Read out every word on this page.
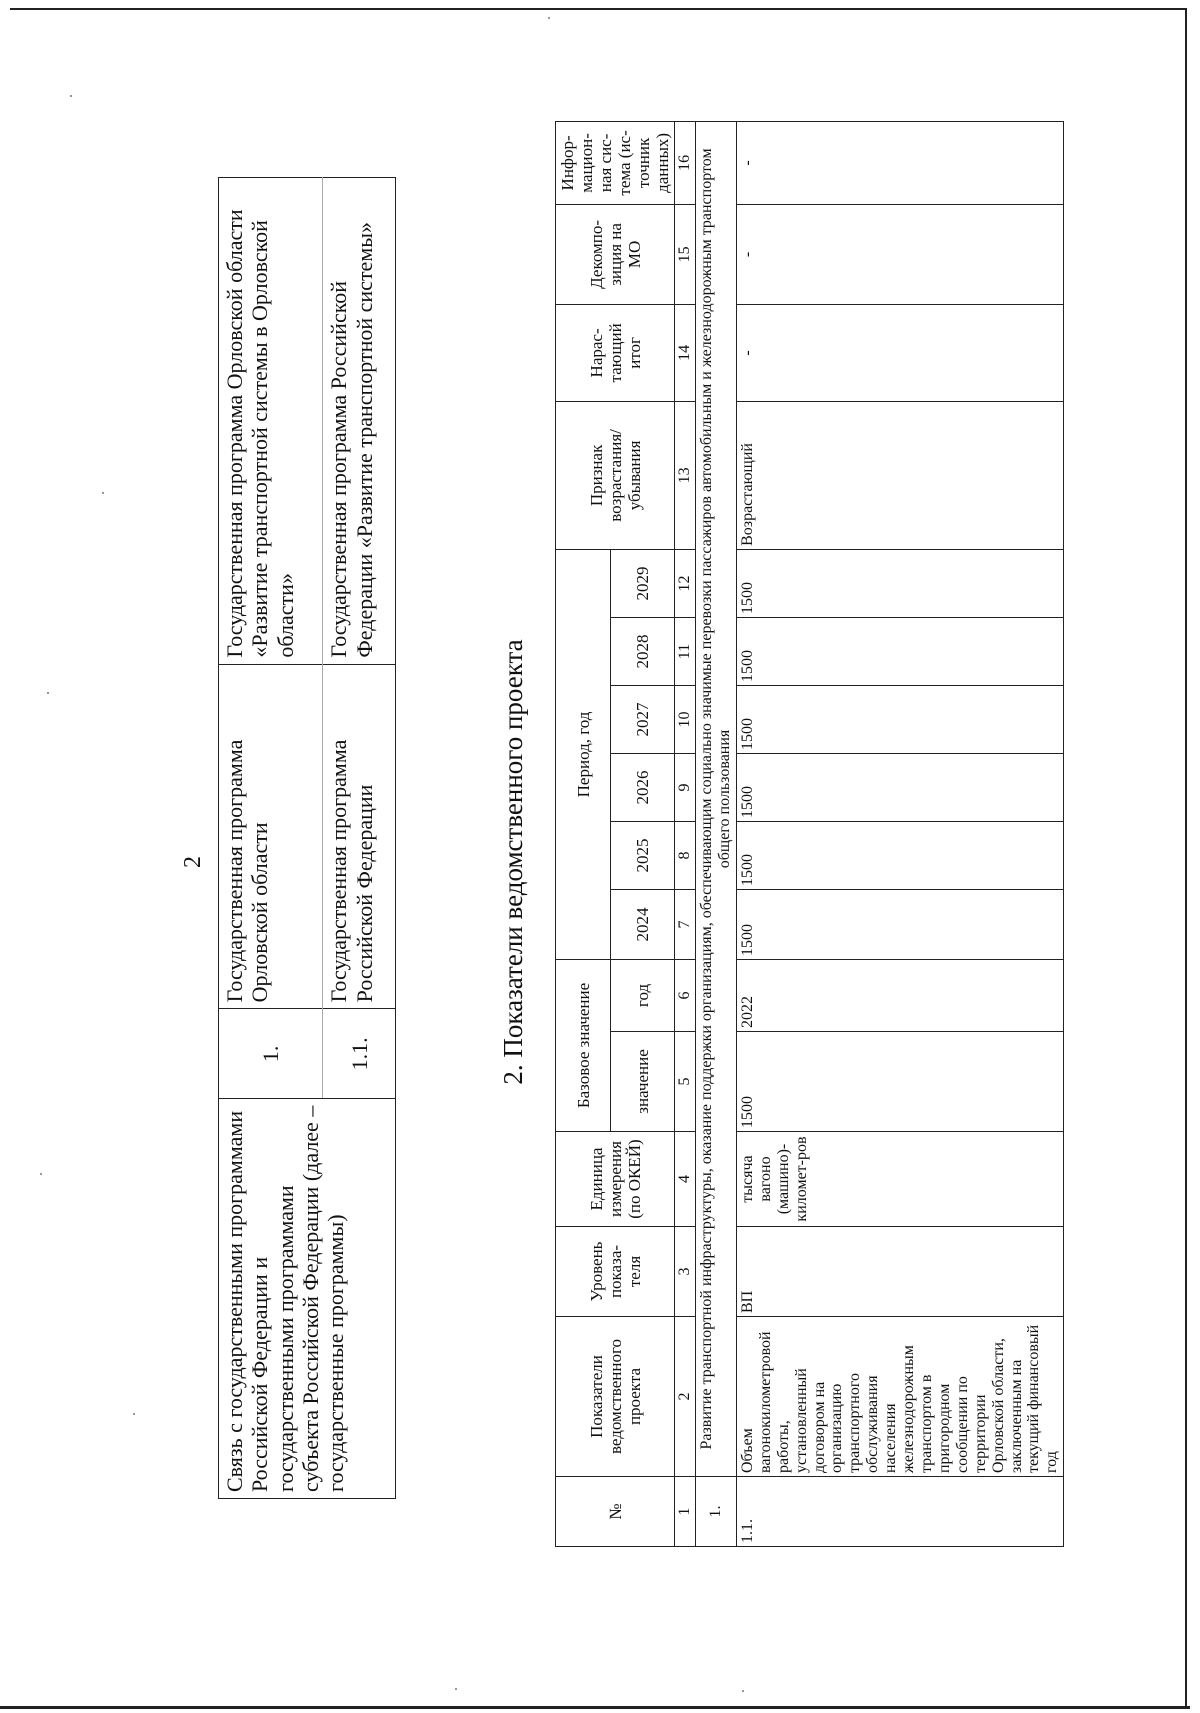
2
Связь с государственными программами Российской Федерации и государственными программами субъекта Российской Федерации (далее – государственные программы)	1.	Государственная программа Орловской области	Государственная программа Орловской области «Развитие транспортной системы в Орловской области»
	1.1.	Государственная программа Российской Федерации	Государственная программа Российской Федерации «Развитие транспортной системы»
2. Показатели ведомственного проекта
№	Показатели ведомственного проекта	Уровень показа-теля	Единица измерения (по ОКЕЙ)	Базовое значение		Период, год						Признак возрастания/ убывания	Нарас-тающий итог	Декомпо-зиция на МО	Инфор-мацион-ная сис-тема (ис-точник данных)
				значение	год	2024	2025	2026	2027	2028	2029				
1	2	3	4	5	6	7	8	9	10	11	12	13	14	15	16
1.	Развитие транспортной инфраструктуры, оказание поддержки организациям, обеспечивающим социально значимые перевозки пассажиров автомобильным и железнодорожным транспортом общего пользования														
1.1.	Объем вагонокилометровой работы, установленный договором на организацию транспортного обслуживания населения железнодорожным транспортом в пригородном сообщении по территории Орловской области, заключенным на текущий финансовый год	ВП	тысяча вагоно (машино)-километ-ров	1500	2022	1500	1500	1500	1500	1500	1500	Возрастающий	-	-	-
